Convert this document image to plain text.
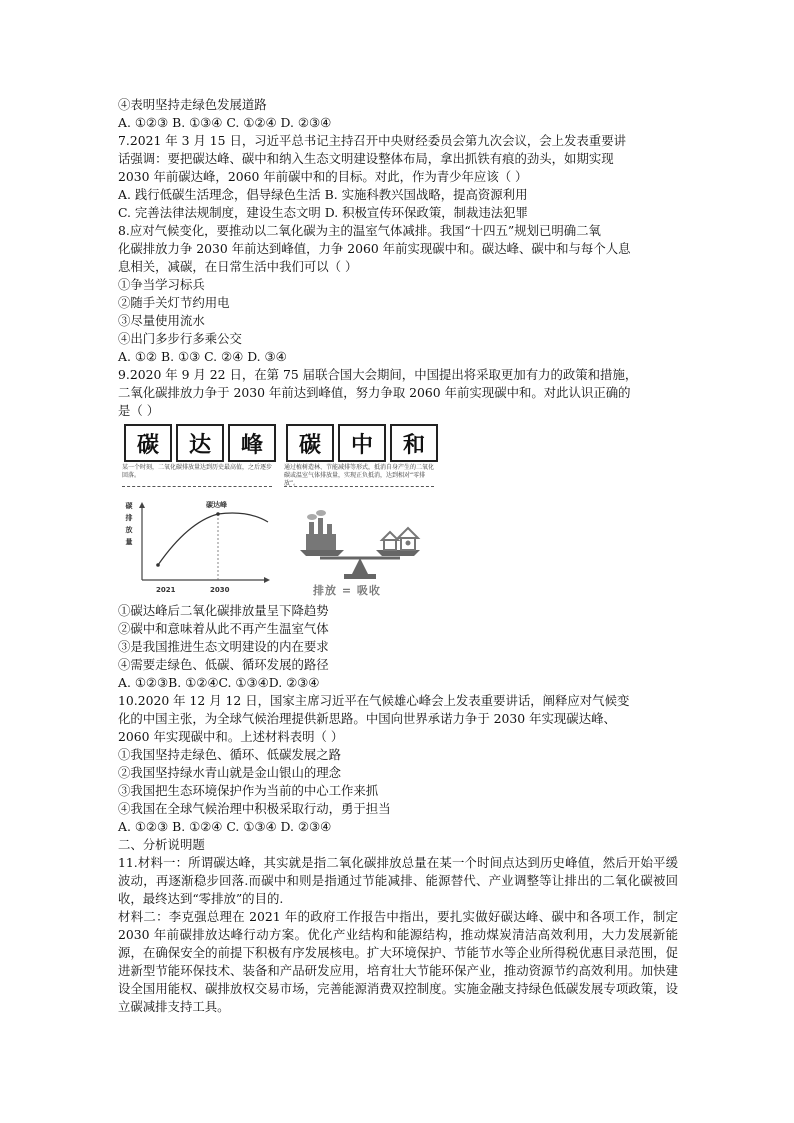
④表明坚持走绿色发展道路
A. ①②③ B. ①③④ C. ①②④ D. ②③④
7.2021 年 3 月 15 日，习近平总书记主持召开中央财经委员会第九次会议，会上发表重要讲
话强调：要把碳达峰、碳中和纳入生态文明建设整体布局，拿出抓铁有痕的劲头，如期实现
2030 年前碳达峰，2060 年前碳中和的目标。对此，作为青少年应该（ ）
A. 践行低碳生活理念，倡导绿色生活 B. 实施科教兴国战略，提高资源利用
C. 完善法律法规制度，建设生态文明 D. 积极宣传环保政策，制裁违法犯罪
8.应对气候变化，要推动以二氧化碳为主的温室气体减排。我国“十四五”规划已明确二氧
化碳排放力争 2030 年前达到峰值，力争 2060 年前实现碳中和。碳达峰、碳中和与每个人息
息相关，减碳，在日常生活中我们可以（ ）
①争当学习标兵
②随手关灯节约用电
③尽量使用流水
④出门多步行多乘公交
A. ①② B. ①③ C. ②④ D. ③④
9.2020 年 9 月 22 日，在第 75 届联合国大会期间，中国提出将采取更加有力的政策和措施，
二氧化碳排放力争于 2030 年前达到峰值，努力争取 2060 年前实现碳中和。对此认识正确的
是（ ）
碳	达	峰	碳	中	和
某一个时刻，二氧化碳排放量达到历史最高值，之后逐步回落。
通过植树造林、节能减排等形式，抵消自身产生的二氧化碳或温室气体排放量，实现正负抵消，达到相对“零排放”。
碳排放量
碳达峰
2021	2030	排放 = 吸收
①碳达峰后二氧化碳排放量呈下降趋势
②碳中和意味着从此不再产生温室气体
③是我国推进生态文明建设的内在要求
④需要走绿色、低碳、循环发展的路径
A. ①②③B. ①②④C. ①③④D. ②③④
10.2020 年 12 月 12 日，国家主席习近平在气候雄心峰会上发表重要讲话，阐释应对气候变
化的中国主张，为全球气候治理提供新思路。中国向世界承诺力争于 2030 年实现碳达峰、
2060 年实现碳中和。上述材料表明（ ）
①我国坚持走绿色、循环、低碳发展之路
②我国坚持绿水青山就是金山银山的理念
③我国把生态环境保护作为当前的中心工作来抓
④我国在全球气候治理中积极采取行动，勇于担当
A. ①②③ B. ①②④ C. ①③④ D. ②③④
二、分析说明题
11.材料一：所谓碳达峰，其实就是指二氧化碳排放总量在某一个时间点达到历史峰值，然后开始平缓波动，再逐渐稳步回落.而碳中和则是指通过节能减排、能源替代、产业调整等让排出的二氧化碳被回收，最终达到“零排放”的目的.
材料二：李克强总理在 2021 年的政府工作报告中指出，要扎实做好碳达峰、碳中和各项工作，制定 2030 年前碳排放达峰行动方案。优化产业结构和能源结构，推动煤炭清洁高效利用，大力发展新能源，在确保安全的前提下积极有序发展核电。扩大环境保护、节能节水等企业所得税优惠目录范围，促进新型节能环保技术、装备和产品研发应用，培育壮大节能环保产业，推动资源节约高效利用。加快建设全国用能权、碳排放权交易市场，完善能源消费双控制度。实施金融支持绿色低碳发展专项政策，设立碳减排支持工具。
